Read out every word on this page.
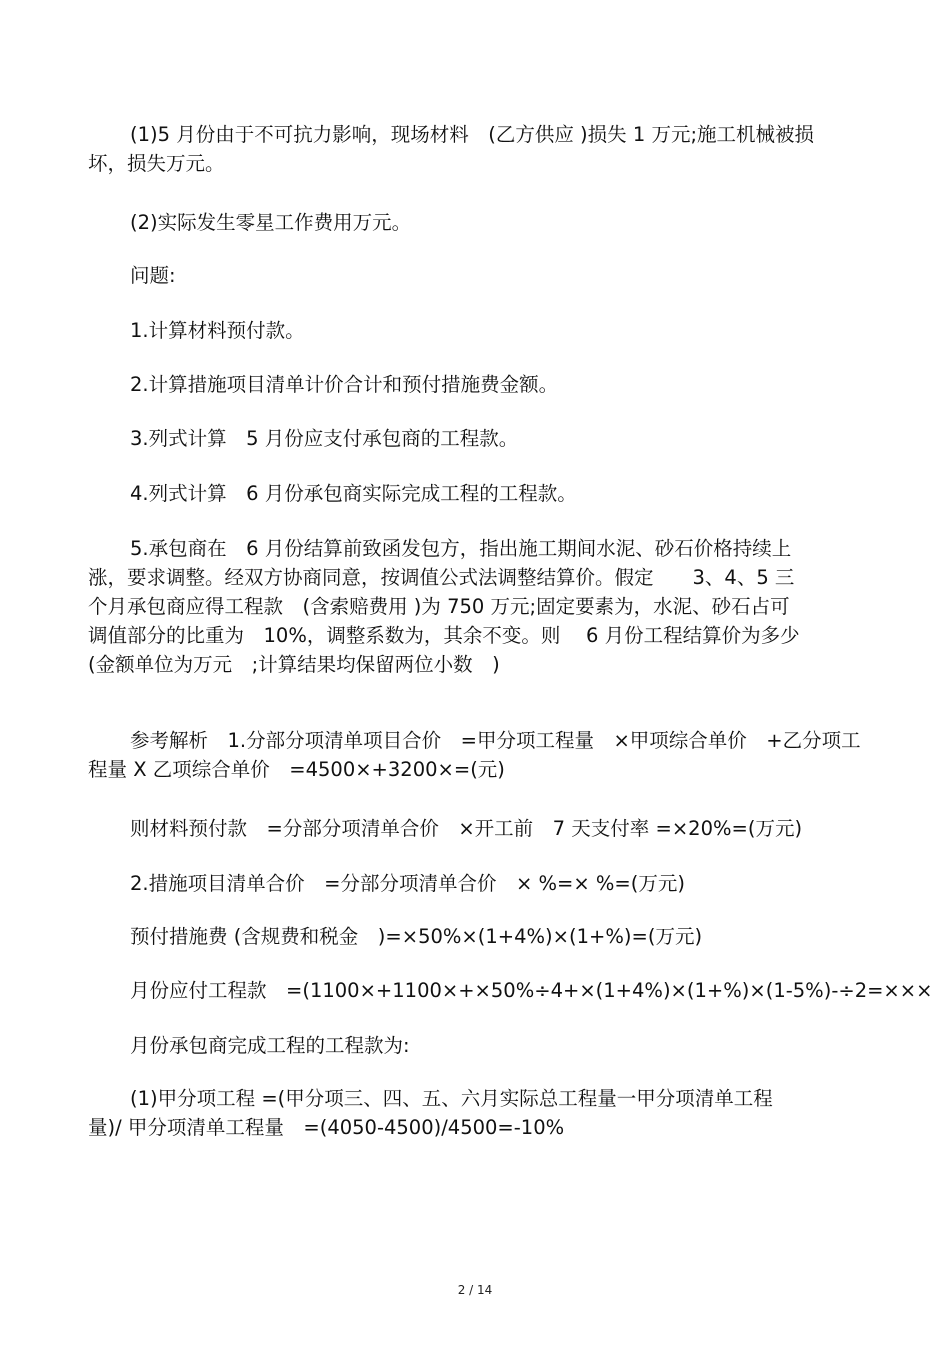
(1)5 月份由于不可抗力影响，现场材料　(乙方供应 )损失 1 万元;施工机械被损
坏，损失万元。
(2)实际发生零星工作费用万元。
问题:
1.计算材料预付款。
2.计算措施项目清单计价合计和预付措施费金额。
3.列式计算　5 月份应支付承包商的工程款。
4.列式计算　6 月份承包商实际完成工程的工程款。
5.承包商在　6 月份结算前致函发包方，指出施工期间水泥、砂石价格持续上
涨，要求调整。经双方协商同意，按调值公式法调整结算价。假定　　3、4、5 三
个月承包商应得工程款　(含索赔费用 )为 750 万元;固定要素为，水泥、砂石占可
调值部分的比重为　10%，调整系数为，其余不变。则　 6 月份工程结算价为多少
(金额单位为万元　;计算结果均保留两位小数　)
参考解析　1.分部分项清单项目合价　=甲分项工程量　×甲项综合单价　+乙分项工
程量 X 乙项综合单价　=4500×+3200×=(元)
则材料预付款　=分部分项清单合价　×开工前　7 天支付率 =×20%=(万元)
2.措施项目清单合价　=分部分项清单合价　× %=× %=(万元)
预付措施费 (含规费和税金　)=×50%×(1+4%)×(1+%)=(万元)
月份应付工程款　=(1100×+1100×+×50%÷4+×(1+4%)×(1+%)×(1-5%)-÷2=×××
月份承包商完成工程的工程款为:
(1)甲分项工程 =(甲分项三、四、五、六月实际总工程量一甲分项清单工程
量)/ 甲分项清单工程量　=(4050-4500)/4500=-10%
2 / 14
